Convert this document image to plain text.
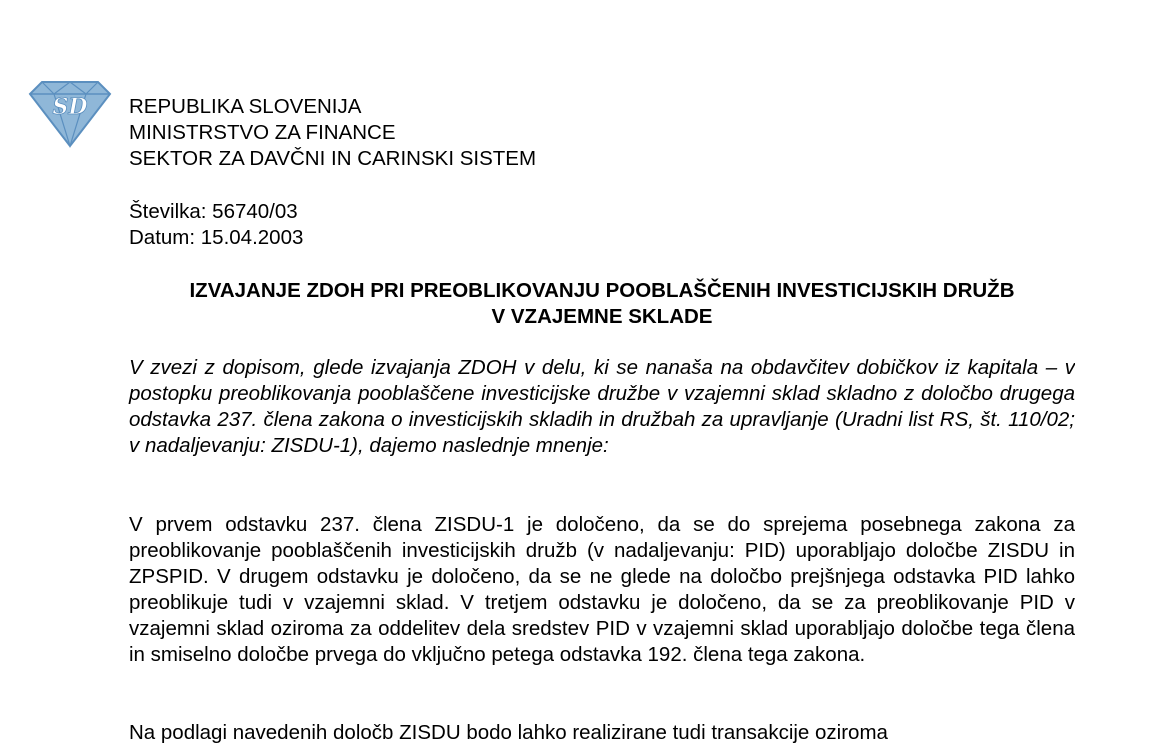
SD REPUBLIKA SLOVENIJA
MINISTRSTVO ZA FINANCE
SEKTOR ZA DAVČNI IN CARINSKI SISTEM
Številka: 56740/03
Datum: 15.04.2003
IZVAJANJE ZDOH PRI PREOBLIKOVANJU POOBLAŠČENIH INVESTICIJSKIH DRUŽB
V VZAJEMNE SKLADE

V zvezi z dopisom, glede izvajanja ZDOH v delu, ki se nanaša na obdavčitev dobičkov iz kapitala – v postopku preoblikovanja pooblaščene investicijske družbe v vzajemni sklad skladno z določbo drugega odstavka 237. člena zakona o investicijskih skladih in družbah za upravljanje (Uradni list RS, št. 110/02; v nadaljevanju: ZISDU-1), dajemo naslednje mnenje:

V prvem odstavku 237. člena ZISDU-1 je določeno, da se do sprejema posebnega zakona za preoblikovanje pooblaščenih investicijskih družb (v nadaljevanju: PID) uporabljajo določbe ZISDU in ZPSPID. V drugem odstavku je določeno, da se ne glede na določbo prejšnjega odstavka PID lahko preoblikuje tudi v vzajemni sklad. V tretjem odstavku je določeno, da se za preoblikovanje PID v vzajemni sklad oziroma za oddelitev dela sredstev PID v vzajemni sklad uporabljajo določbe tega člena in smiselno določbe prvega do vključno petega odstavka 192. člena tega zakona.

Na podlagi navedenih določb ZISDU bodo lahko realizirane tudi transakcije oziroma
